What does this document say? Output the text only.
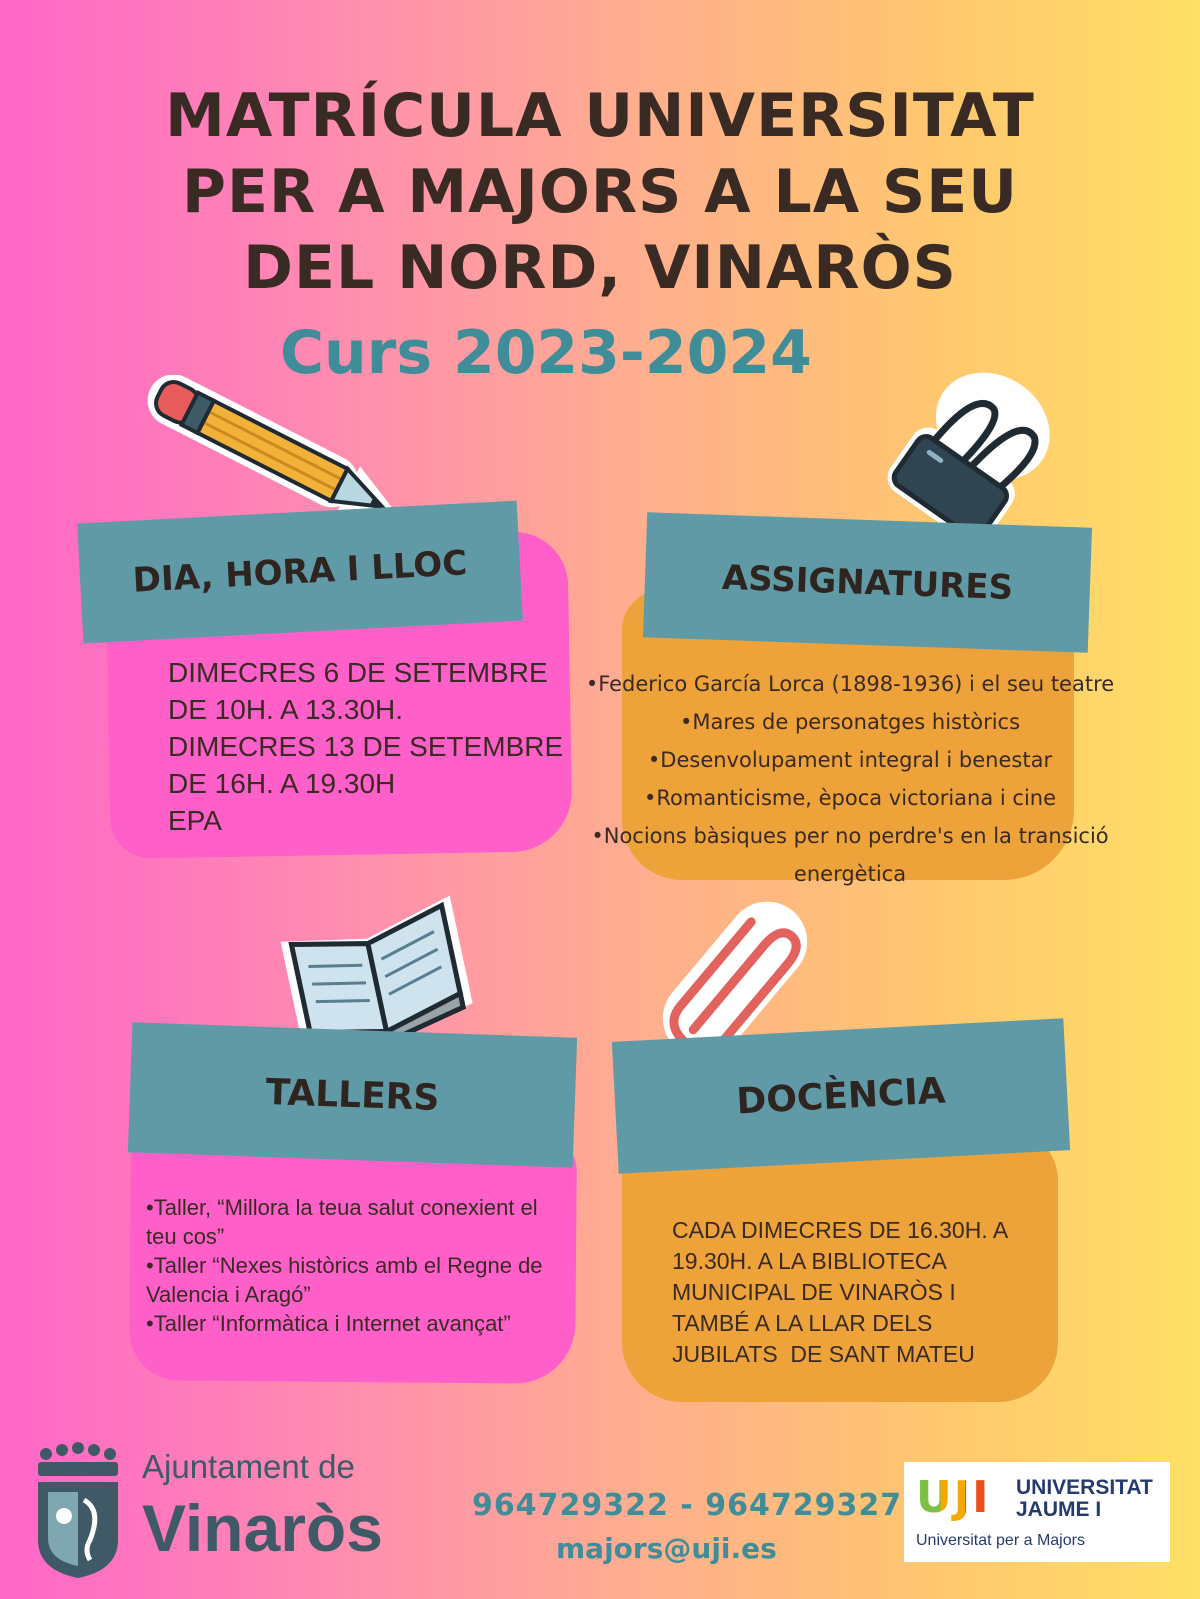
MATRÍCULA UNIVERSITAT
PER A MAJORS A LA SEU
DEL NORD, VINARÒS
Curs 2023-2024
DIA, HORA I LLOC
DIMECRES 6 DE SETEMBRE
DE 10H. A 13.30H.
DIMECRES 13 DE SETEMBRE
DE 16H. A 19.30H
EPA
ASSIGNATURES
•Federico García Lorca (1898-1936) i el seu teatre
•Mares de personatges històrics
•Desenvolupament integral i benestar
•Romanticisme, època victoriana i cine
•Nocions bàsiques per no perdre's en la transició energètica
TALLERS
•Taller, “Millora la teua salut conexient el teu cos”
•Taller “Nexes històrics amb el Regne de Valencia i Aragó”
•Taller “Informàtica i Internet avançat”
DOCÈNCIA
CADA DIMECRES DE 16.30H. A 19.30H. A LA BIBLIOTECA MUNICIPAL DE VINARÒS I TAMBÉ A LA LLAR DELS JUBILATS  DE SANT MATEU
Ajuntament de
Vinaròs	964729322 - 964729327
majors@uji.es
UJI UNIVERSITAT
JAUME I
Universitat per a Majors
